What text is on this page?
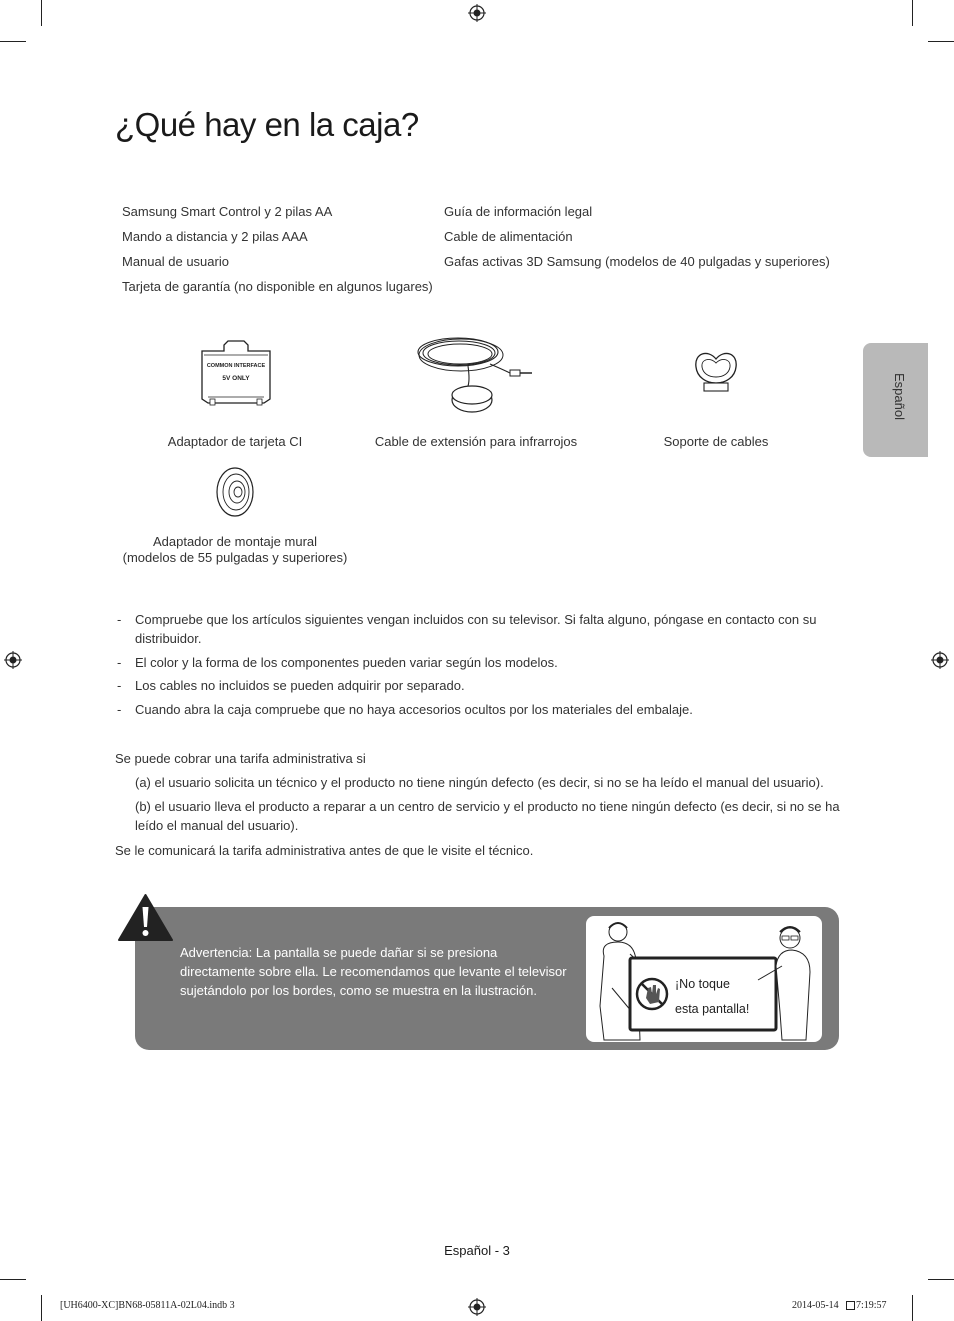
¿Qué hay en la caja?
Español
Samsung Smart Control y 2 pilas AA
Mando a distancia y 2 pilas AAA
Manual de usuario
Tarjeta de garantía (no disponible en algunos lugares)
Guía de información legal
Cable de alimentación
Gafas activas 3D Samsung (modelos de 40 pulgadas y superiores)
COMMON INTERFACE
5V ONLY
Adaptador de tarjeta CI	Cable de extensión para infrarrojos	Soporte de cables
Adaptador de montaje mural
(modelos de 55 pulgadas y superiores)
- Compruebe que los artículos siguientes vengan incluidos con su televisor. Si falta alguno, póngase en contacto con su distribuidor.
- El color y la forma de los componentes pueden variar según los modelos.
- Los cables no incluidos se pueden adquirir por separado.
- Cuando abra la caja compruebe que no haya accesorios ocultos por los materiales del embalaje.
Se puede cobrar una tarifa administrativa si
(a) el usuario solicita un técnico y el producto no tiene ningún defecto (es decir, si no se ha leído el manual del usuario).
(b) el usuario lleva el producto a reparar a un centro de servicio y el producto no tiene ningún defecto (es decir, si no se ha leído el manual del usuario).
Se le comunicará la tarifa administrativa antes de que le visite el técnico.
Advertencia: La pantalla se puede dañar si se presiona directamente sobre ella. Le recomendamos que levante el televisor sujetándolo por los bordes, como se muestra en la ilustración.	¡No toque
esta pantalla!
Español - 3
[UH6400-XC]BN68-05811A-02L04.indb 3	2014-05-14 7:19:57
